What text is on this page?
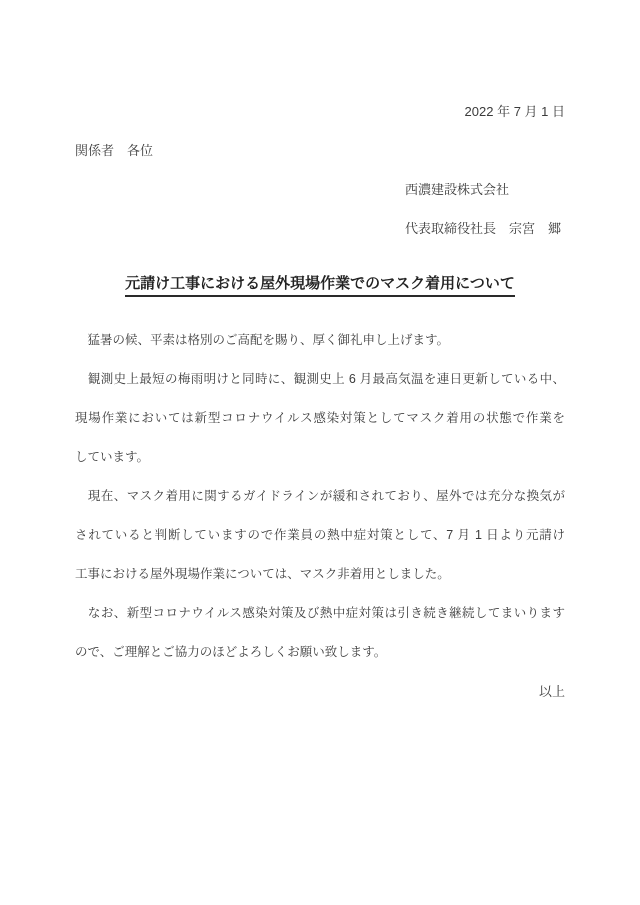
2022 年 7 月 1 日
関係者　各位
西濃建設株式会社
代表取締役社長　宗宮　郷
元請け工事における屋外現場作業でのマスク着用について
　猛暑の候、平素は格別のご高配を賜り、厚く御礼申し上げます。
　観測史上最短の梅雨明けと同時に、観測史上 6 月最高気温を連日更新している中、
現場作業においては新型コロナウイルス感染対策としてマスク着用の状態で作業を
しています。
　現在、マスク着用に関するガイドラインが緩和されており、屋外では充分な換気が
されていると判断していますので作業員の熱中症対策として、7 月 1 日より元請け
工事における屋外現場作業については、マスク非着用としました。
　なお、新型コロナウイルス感染対策及び熱中症対策は引き続き継続してまいります
ので、ご理解とご協力のほどよろしくお願い致します。
以上
